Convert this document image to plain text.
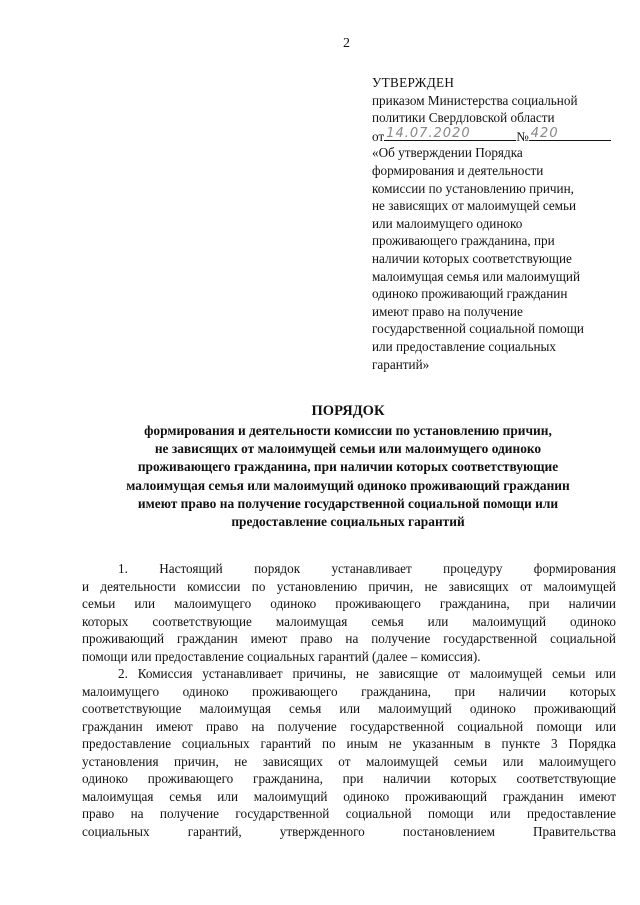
2
УТВЕРЖДЕН
приказом Министерства социальной
политики Свердловской области
от 14.07.2020	№ 420
«Об утверждении Порядка
формирования и деятельности
комиссии по установлению причин,
не зависящих от малоимущей семьи
или малоимущего одиноко
проживающего гражданина, при
наличии которых соответствующие
малоимущая семья или малоимущий
одиноко проживающий гражданин
имеют право на получение
государственной социальной помощи
или предоставление социальных
гарантий»
ПОРЯДОК
формирования и деятельности комиссии по установлению причин,
не зависящих от малоимущей семьи или малоимущего одиноко
проживающего гражданина, при наличии которых соответствующие
малоимущая семья или малоимущий одиноко проживающий гражданин
имеют право на получение государственной социальной помощи или
предоставление социальных гарантий
1. Настоящий порядок устанавливает процедуру формирования
и деятельности комиссии по установлению причин, не зависящих от малоимущей
семьи или малоимущего одиноко проживающего гражданина, при наличии
которых соответствующие малоимущая семья или малоимущий одиноко
проживающий гражданин имеют право на получение государственной социальной
помощи или предоставление социальных гарантий (далее – комиссия).
2. Комиссия устанавливает причины, не зависящие от малоимущей семьи или
малоимущего одиноко проживающего гражданина, при наличии которых
соответствующие малоимущая семья или малоимущий одиноко проживающий
гражданин имеют право на получение государственной социальной помощи или
предоставление социальных гарантий по иным не указанным в пункте 3 Порядка
установления причин, не зависящих от малоимущей семьи или малоимущего
одиноко проживающего гражданина, при наличии которых соответствующие
малоимущая семья или малоимущий одиноко проживающий гражданин имеют
право на получение государственной социальной помощи или предоставление
социальных гарантий, утвержденного постановлением Правительства
